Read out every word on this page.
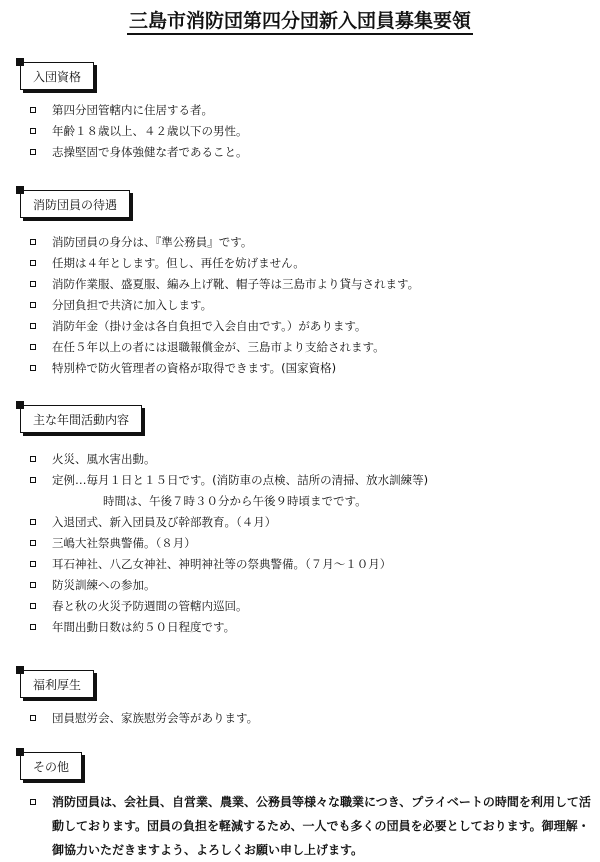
三島市消防団第四分団新入団員募集要領
入団資格
第四分団管轄内に住居する者。
年齢１８歳以上、４２歳以下の男性。
志操堅固で身体強健な者であること。
消防団員の待遇
消防団員の身分は、『準公務員』です。
任期は４年とします。但し、再任を妨げません。
消防作業服、盛夏服、編み上げ靴、帽子等は三島市より貸与されます。
分団負担で共済に加入します。
消防年金（掛け金は各自負担で入会自由です。）があります。
在任５年以上の者には退職報償金が、三島市より支給されます。
特別枠で防火管理者の資格が取得できます。(国家資格)
主な年間活動内容
火災、風水害出動。
定例…毎月１日と１５日です。(消防車の点検、詰所の清掃、放水訓練等)
時間は、午後７時３０分から午後９時頃までです。
入退団式、新入団員及び幹部教育。（４月）
三嶋大社祭典警備。（８月）
耳石神社、八乙女神社、神明神社等の祭典警備。（７月～１０月）
防災訓練への参加。
春と秋の火災予防週間の管轄内巡回。
年間出動日数は約５０日程度です。
福利厚生
団員慰労会、家族慰労会等があります。
その他
消防団員は、会社員、自営業、農業、公務員等様々な職業につき、プライベートの時間を利用して活動しております。団員の負担を軽減するため、一人でも多くの団員を必要としております。御理解・御協力いただきますよう、よろしくお願い申し上げます。
